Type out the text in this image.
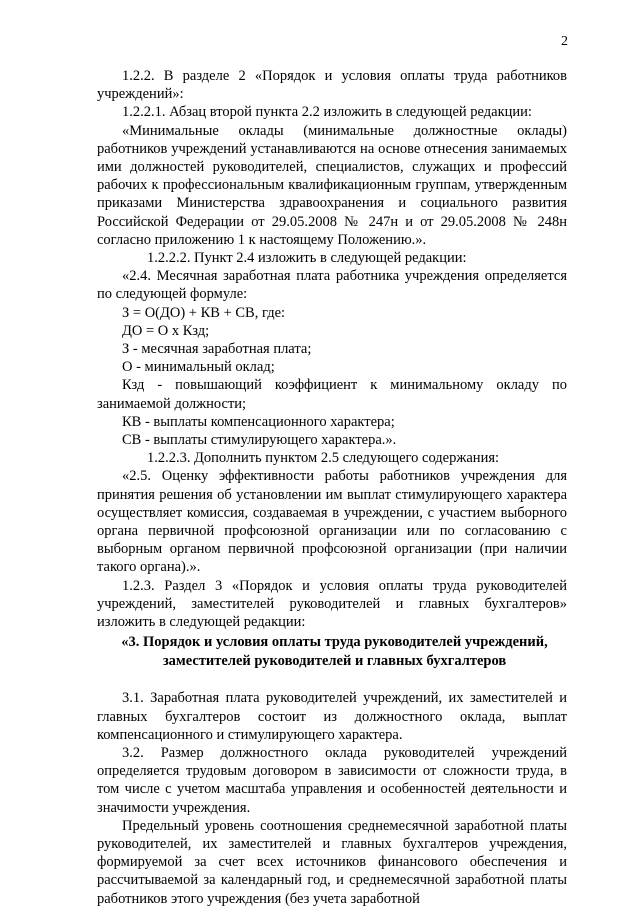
2

1.2.2. В разделе 2 «Порядок и условия оплаты труда работников учреждений»:

1.2.2.1. Абзац второй пункта 2.2 изложить в следующей редакции:

«Минимальные оклады (минимальные должностные оклады) работников учреждений устанавливаются на основе отнесения занимаемых ими должностей руководителей, специалистов, служащих и профессий рабочих к профессиональным квалификационным группам, утвержденным приказами Министерства здравоохранения и социального развития Российской Федерации от 29.05.2008 № 247н и от 29.05.2008 № 248н согласно приложению 1 к настоящему Положению.».

1.2.2.2. Пункт 2.4 изложить в следующей редакции:

«2.4. Месячная заработная плата работника учреждения определяется по следующей формуле:

З = О(ДО) + КВ + СВ, где:

ДО = О х Кзд;

З - месячная заработная плата;

О - минимальный оклад;

Кзд - повышающий коэффициент к минимальному окладу по занимаемой должности;

КВ - выплаты компенсационного характера;

СВ - выплаты стимулирующего характера.».

1.2.2.3. Дополнить пунктом 2.5 следующего содержания:

«2.5. Оценку эффективности работы работников учреждения для принятия решения об установлении им выплат стимулирующего характера осуществляет комиссия, создаваемая в учреждении, с участием выборного органа первичной профсоюзной организации или по согласованию с выборным органом первичной профсоюзной организации (при наличии такого органа).».

1.2.3. Раздел 3 «Порядок и условия оплаты труда руководителей учреждений, заместителей руководителей и главных бухгалтеров» изложить в следующей редакции:

«3. Порядок и условия оплаты труда руководителей учреждений,
заместителей руководителей и главных бухгалтеров

3.1. Заработная плата руководителей учреждений, их заместителей и главных бухгалтеров состоит из должностного оклада, выплат компенсационного и стимулирующего характера.

3.2. Размер должностного оклада руководителей учреждений определяется трудовым договором в зависимости от сложности труда, в том числе с учетом масштаба управления и особенностей деятельности и значимости учреждения.

Предельный уровень соотношения среднемесячной заработной платы руководителей, их заместителей и главных бухгалтеров учреждения, формируемой за счет всех источников финансового обеспечения и рассчитываемой за календарный год, и среднемесячной заработной платы работников этого учреждения (без учета заработной
